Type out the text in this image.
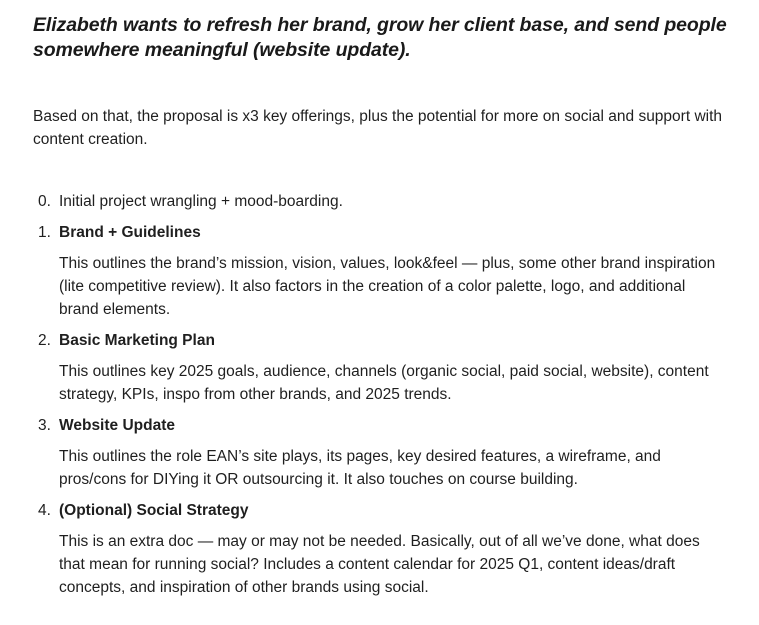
Elizabeth wants to refresh her brand, grow her client base, and send people somewhere meaningful (website update).

Based on that, the proposal is x3 key offerings, plus the potential for more on social and support with content creation.

0. Initial project wrangling + mood-boarding.
1. Brand + Guidelines

This outlines the brand’s mission, vision, values, look&feel — plus, some other brand inspiration (lite competitive review). It also factors in the creation of a color palette, logo, and additional brand elements.

2. Basic Marketing Plan

This outlines key 2025 goals, audience, channels (organic social, paid social, website), content strategy, KPIs, inspo from other brands, and 2025 trends.

3. Website Update

This outlines the role EAN’s site plays, its pages, key desired features, a wireframe, and pros/cons for DIYing it OR outsourcing it. It also touches on course building.

4. (Optional) Social Strategy

This is an extra doc — may or may not be needed. Basically, out of all we’ve done, what does that mean for running social? Includes a content calendar for 2025 Q1, content ideas/draft concepts, and inspiration of other brands using social.
